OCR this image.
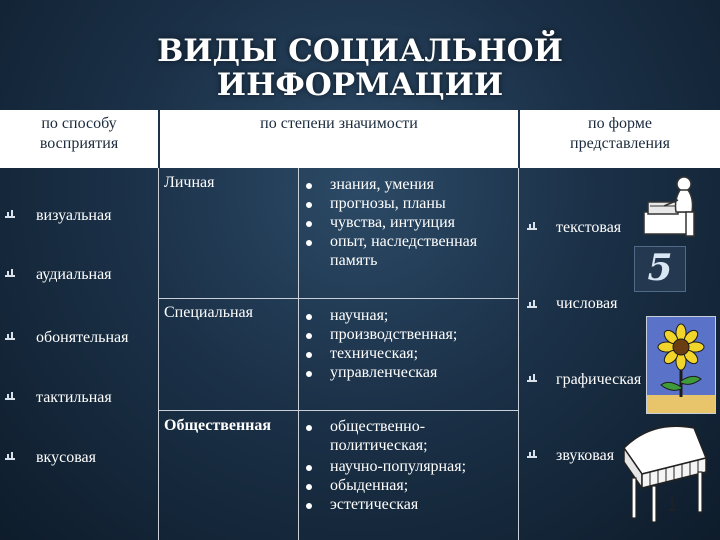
ВИДЫ СОЦИАЛЬНОЙ
ИНФОРМАЦИИ
по способу
восприятия
по степени значимости	по форме
представления
визуальная
аудиальная
обонятельная
тактильная
вкусовая
Личная
Специальная
Общественная
знания, умения
прогнозы, планы
чувства, интуиция
опыт, наследственная память
научная;
производственная;
техническая;
управленческая
общественно-политическая;
научно-популярная;
обыденная;
эстетическая
текстовая
числовая
графическая
звуковая
5
